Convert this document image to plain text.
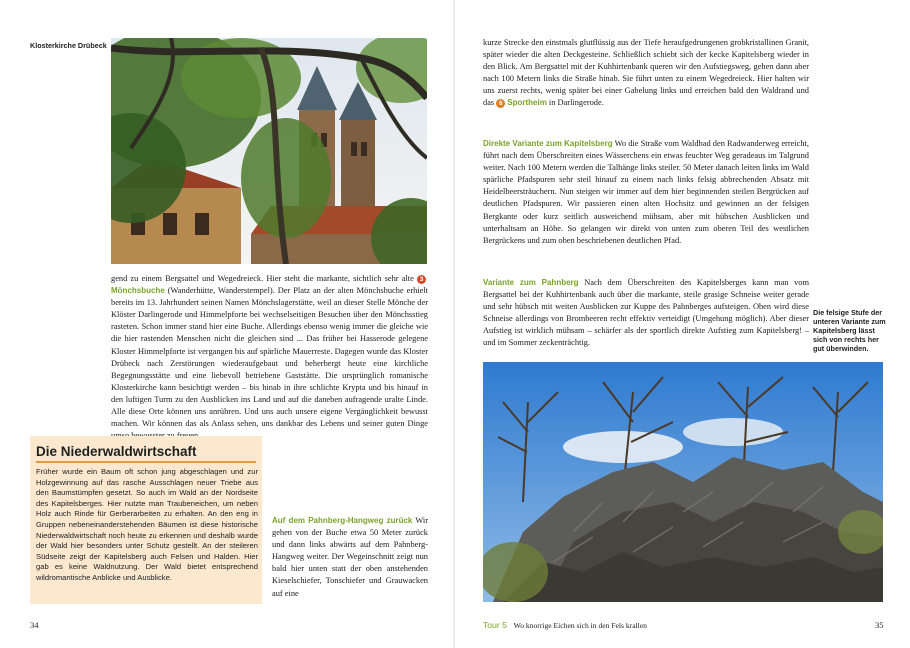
Klosterkirche Drübeck

gend zu einem Bergsattel und Wegedreieck. Hier steht die markante, sichtlich sehr alte 3Mönchsbuche (Wanderhütte, Wanderstempel). Der Platz an der alten Mönchsbuche erhielt bereits im 13. Jahrhundert seinen Namen Mönchslagerstätte, weil an dieser Stelle Mönche der Klöster Darlingerode und Himmelpforte bei wechselseitigen Besuchen über den Mönchsstieg rasteten. Schon immer stand hier eine Buche. Allerdings ebenso wenig immer die gleiche wie die hier rastenden Menschen nicht die gleichen sind ... Das früher bei Hasserode gelegene Kloster Himmelpforte ist vergangen bis auf spärliche Mauerreste. Dagegen wurde das Kloster Drübeck nach Zerstörungen wiederaufgebaut und beherbergt heute eine kirchliche Begegnungsstätte und eine liebevoll betriebene Gaststätte. Die ursprünglich romanische Klosterkirche kann besichtigt werden – bis hinab in ihre schlichte Krypta und bis hinauf in den luftigen Turm zu den Ausblicken ins Land und auf die daneben aufragende uralte Linde. Alle diese Orte können uns anrühren. Und uns auch unsere eigene Vergänglichkeit bewusst machen. Wir können das als Anlass sehen, uns dankbar des Lebens und seiner guten Dinge

Auf dem Pahnberg-Hangweg zurück Wir gehen von der Buche etwa 50 Meter zurück und dann links abwärts auf dem Pahnberg-Hangweg weiter. Der Wegeinschnitt zeigt nun bald hier unten statt der oben anstehenden Kieselschiefer, Tonschiefer und Grauwacken auf eine

Die Niederwaldwirtschaft
Früher wurde ein Baum oft schon jung abgeschlagen und zur Holzgewinnung auf das rasche Ausschlagen neuer Triebe aus den Baumstümpfen gesetzt. So auch im Wald an der Nordseite des Kapitelsberges. Hier nutzte man Traubeneichen, um neben Holz auch Rinde für Gerberarbeiten zu erhalten. An den eng in Gruppen nebeneinanderstehenden Bäumen ist diese historische Niederwaldwirtschaft noch heute zu erkennen und deshalb wurde der Wald hier besonders unter Schutz gestellt. An der steileren Südseite zeigt der Kapitelsberg auch Felsen und Halden. Hier gab es keine Waldnutzung. Der Wald bietet entsprechend wildromantische Anblicke und Ausblicke.
34

kurze Strecke den einstmals glutflüssig aus der Tiefe heraufgedrungenen grobkristallinen Granit, später wieder die alten Deckgesteine. Schließlich schiebt sich der kecke Kapitelsberg wieder in den Blick. Am Bergsattel mit der Kuhhirtenbank queren wir den Aufstiegsweg, gehen dann aber nach 100 Metern links die Straße hinab. Sie führt unten zu einem Wegedreieck. Hier halten wir uns zuerst rechts, wenig später bei einer Gabelung links und erreichen bald den Waldrand und das 6 Sportheim in Darlingerode.

Direkte Variante zum Kapitelsberg Wo die Straße vom Waldbad den Radwanderweg erreicht, führt nach dem Überschreiten eines Wässerchens ein etwas feuchter Weg geradeaus im Talgrund weiter. Nach 100 Metern werden die Talhänge links steiler. 50 Meter danach leiten links im Wald spärliche Pfadspuren sehr steil hinauf zu einem nach links felsig abbrechenden Absatz mit Heidelbeersträuchern. Nun steigen wir immer auf dem hier beginnenden steilen Bergrücken auf deutlichen Pfadspuren. Wir passieren einen alten Hochsitz und gewinnen an der felsigen Bergkante oder kurz seitlich ausweichend mühsam, aber mit hübschen Ausblicken und unterhaltsam an Höhe. So gelangen wir direkt von unten zum oberen Teil des westlichen Bergrückens und zum oben beschriebenen deutlichen Pfad.

Variante zum Pahnberg Nach dem Überschreiten des Kapitelsberges kann man vom Bergsattel bei der Kuhhirtenbank auch über die markante, steile grasige Schneise weiter gerade und sehr hübsch mit weiten Ausblicken zur Kuppe des Pahnberges aufsteigen. Oben wird diese Schneise allerdings von Brombeeren recht effektiv verteidigt (Umgehung möglich). Aber dieser Aufstieg ist wirklich mühsam – schärfer als der sportlich direkte Aufstieg zum Kapitelsberg! – und im Sommer zeckenträchtig.

Die felsige Stufe der unteren Variante zum Kapitelsberg lässt sich von rechts her gut überwinden.
Tour 5 Wo knorrige Eichen sich in den Fels krallen	35
